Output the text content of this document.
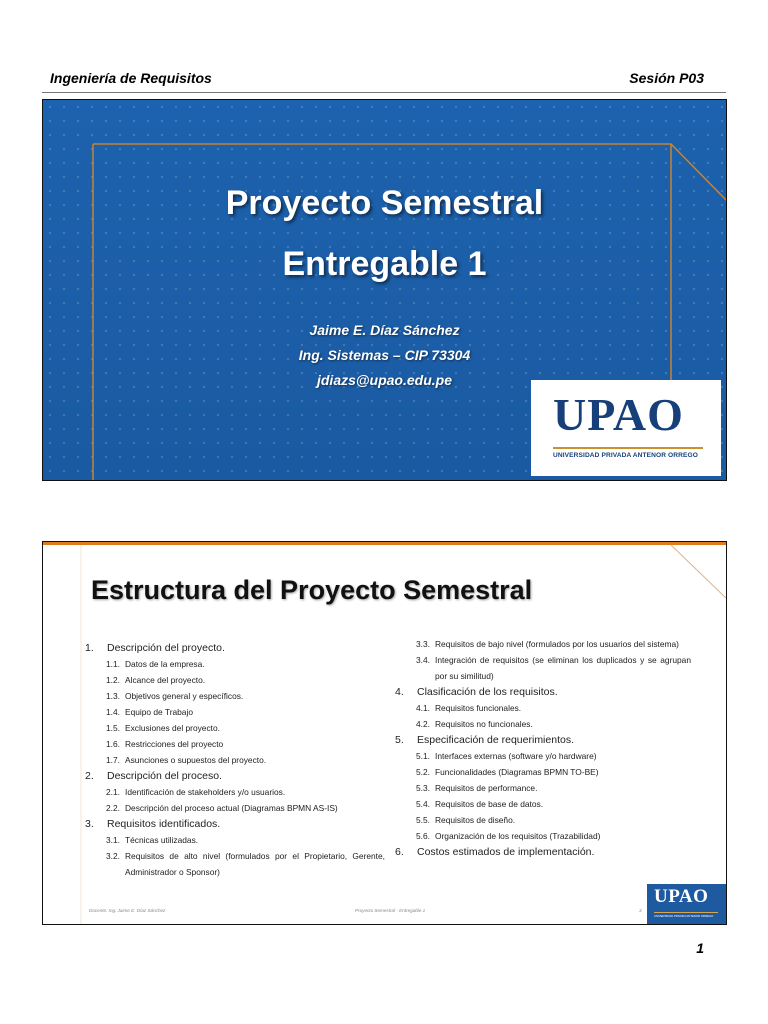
Ingeniería de Requisitos	Sesión P03
Proyecto Semestral
Entregable 1
Jaime E. Díaz Sánchez
Ing. Sistemas – CIP 73304
jdiazs@upao.edu.pe
UPAO
UNIVERSIDAD PRIVADA ANTENOR ORREGO
Estructura del Proyecto Semestral
1. Descripción del proyecto.
1.1. Datos de la empresa.
1.2. Alcance del proyecto.
1.3. Objetivos general y específicos.
1.4. Equipo de Trabajo
1.5. Exclusiones del proyecto.
1.6. Restricciones del proyecto
1.7. Asunciones o supuestos del proyecto.
2. Descripción del proceso.
2.1. Identificación de stakeholders y/o usuarios.
2.2. Descripción del proceso actual (Diagramas BPMN AS-IS)
3. Requisitos identificados.
3.1. Técnicas utilizadas.
3.2. Requisitos de alto nivel (formulados por el Propietario, Gerente, Administrador o Sponsor)
3.3. Requisitos de bajo nivel (formulados por los usuarios del sistema)
3.4. Integración de requisitos (se eliminan los duplicados y se agrupan por su similitud)
4. Clasificación de los requisitos.
4.1. Requisitos funcionales.
4.2. Requisitos no funcionales.
5. Especificación de requerimientos.
5.1. Interfaces externas (software y/o hardware)
5.2. Funcionalidades (Diagramas BPMN TO-BE)
5.3. Requisitos de performance.
5.4. Requisitos de base de datos.
5.5. Requisitos de diseño.
5.6. Organización de los requisitos (Trazabilidad)
6. Costos estimados de implementación.
Docente: Ing. Jaime E. Díaz Sánchez	Proyecto Semestral - Entregable 1	3
UPAO
UNIVERSIDAD PRIVADA ANTENOR ORREGO
1
